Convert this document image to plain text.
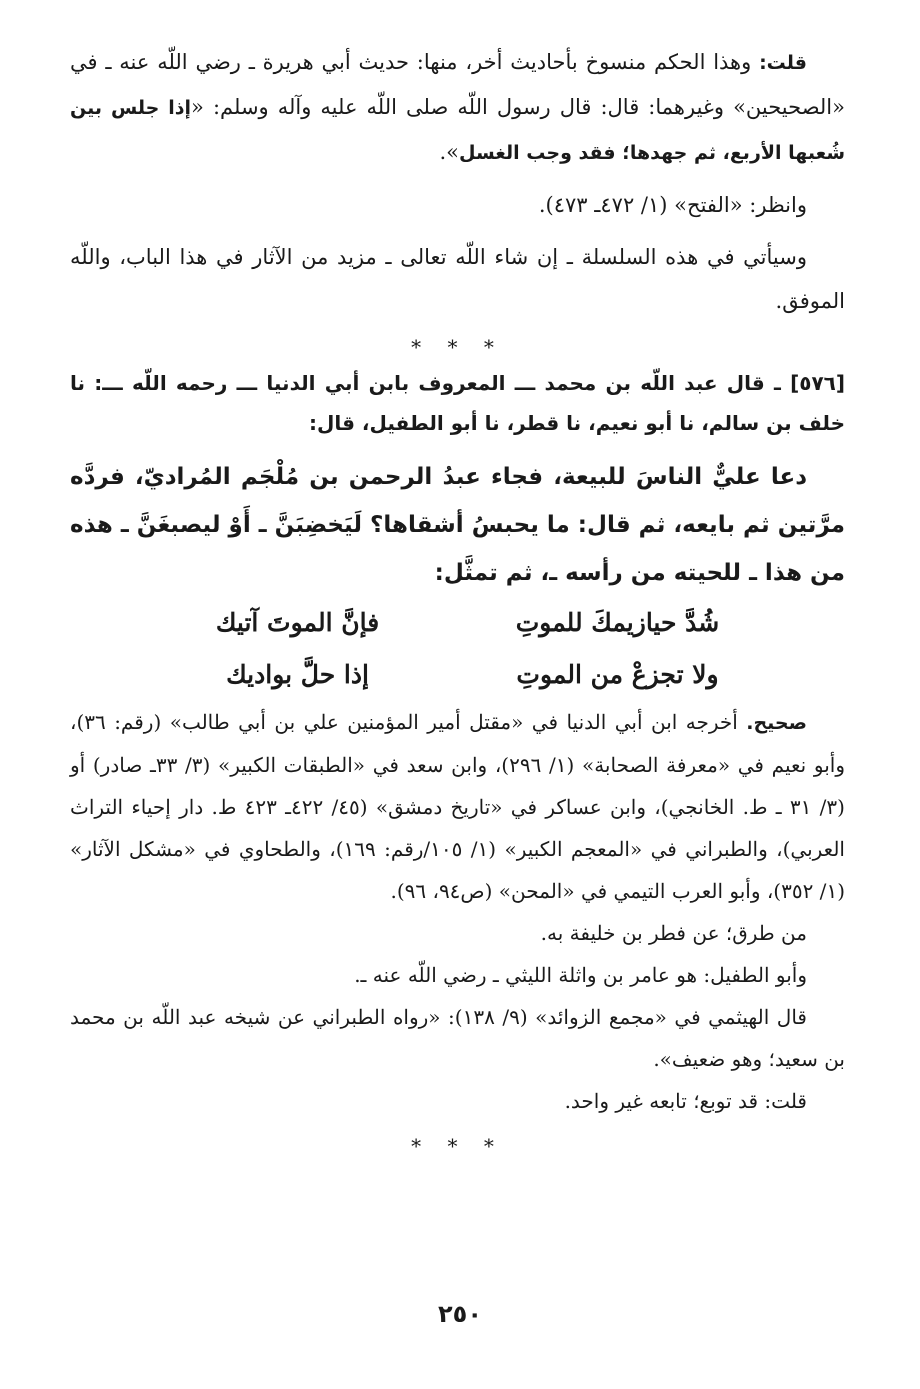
قلت: وهذا الحكم منسوخ بأحاديث أخر، منها: حديث أبي هريرة ـ رضي اللّه عنه ـ في «الصحيحين» وغيرهما: قال: قال رسول اللّه صلى اللّه عليه وآله وسلم: «إذا جلس بين شُعبها الأربع، ثم جهدها؛ فقد وجب الغسل».

وانظر: «الفتح» (١/ ٤٧٢ـ ٤٧٣).

وسيأتي في هذه السلسلة ـ إن شاء اللّه تعالى ـ مزيد من الآثار في هذا الباب، واللّه الموفق.

* * *

[٥٧٦] ـ قال عبد اللّه بن محمد ـــ المعروف بابن أبي الدنيا ـــ رحمه اللّه ـــ: نا خلف بن سالم، نا أبو نعيم، نا قطر، نا أبو الطفيل، قال:

دعا عليٌّ الناسَ للبيعة، فجاء عبدُ الرحمن بن مُلْجَم المُراديّ، فردَّه مرَّتين ثم بايعه، ثم قال: ما يحبسُ أشقاها؟ لَيَخضِبَنَّ ـ أَوْ ليصبغَنَّ ـ هذه من هذا ـ للحيته من رأسه ـ، ثم تمثَّل:

شُدَّ حيازيمكَ للموتِ
فإنَّ الموتَ آتيك
ولا تجزعْ من الموتِ
إذا حلَّ بواديك

صحيح. أخرجه ابن أبي الدنيا في «مقتل أمير المؤمنين علي بن أبي طالب» (رقم: ٣٦)، وأبو نعيم في «معرفة الصحابة» (١/ ٢٩٦)، وابن سعد في «الطبقات الكبير» (٣/ ٣٣ـ صادر) أو (٣/ ٣١ ـ ط. الخانجي)، وابن عساكر في «تاريخ دمشق» (٤٥/ ٤٢٢ـ ٤٢٣ ط. دار إحياء التراث العربي)، والطبراني في «المعجم الكبير» (١/ ١٠٥/رقم: ١٦٩)، والطحاوي في «مشكل الآثار» (١/ ٣٥٢)، وأبو العرب التيمي في «المحن» (ص٩٤، ٩٦).

من طرق؛ عن فطر بن خليفة به.

وأبو الطفيل: هو عامر بن واثلة الليثي ـ رضي اللّه عنه ـ.

قال الهيثمي في «مجمع الزوائد» (٩/ ١٣٨): «رواه الطبراني عن شيخه عبد اللّه بن محمد بن سعيد؛ وهو ضعيف».

قلت: قد توبع؛ تابعه غير واحد.

* * *

٢٥٠
